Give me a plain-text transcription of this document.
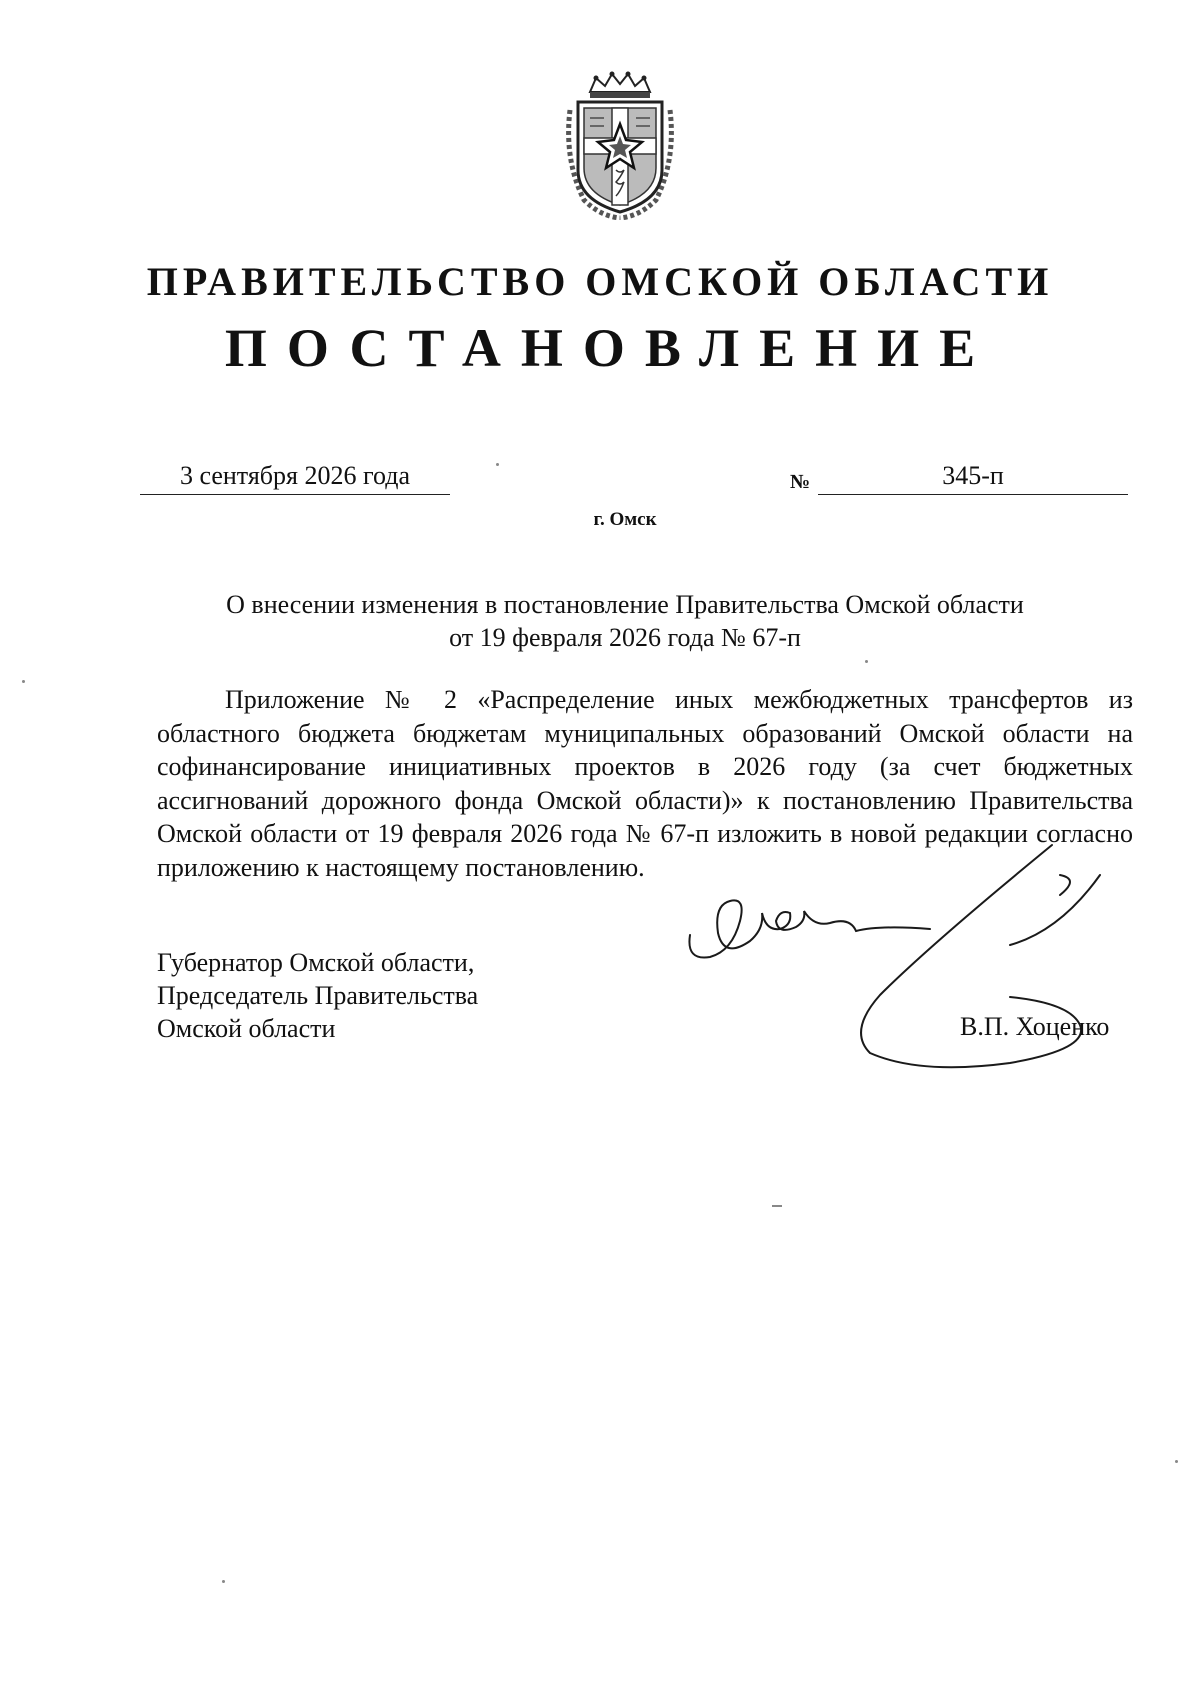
ПРАВИТЕЛЬСТВО ОМСКОЙ ОБЛАСТИ
ПОСТАНОВЛЕНИЕ
3 сентября 2026 года	№	345-п
г. Омск
О внесении изменения в постановление Правительства Омской области
от 19 февраля 2026 года № 67-п

Приложение № 2 «Распределение иных межбюджетных трансфертов из областного бюджета бюджетам муниципальных образований Омской области на софинансирование инициативных проектов в 2026 году (за счет бюджетных ассигнований дорожного фонда Омской области)» к постановлению Правительства Омской области от 19 февраля 2026 года № 67-п изложить в новой редакции согласно приложению к настоящему постановлению.

Губернатор Омской области,
Председатель Правительства
Омской области	В.П. Хоценко
